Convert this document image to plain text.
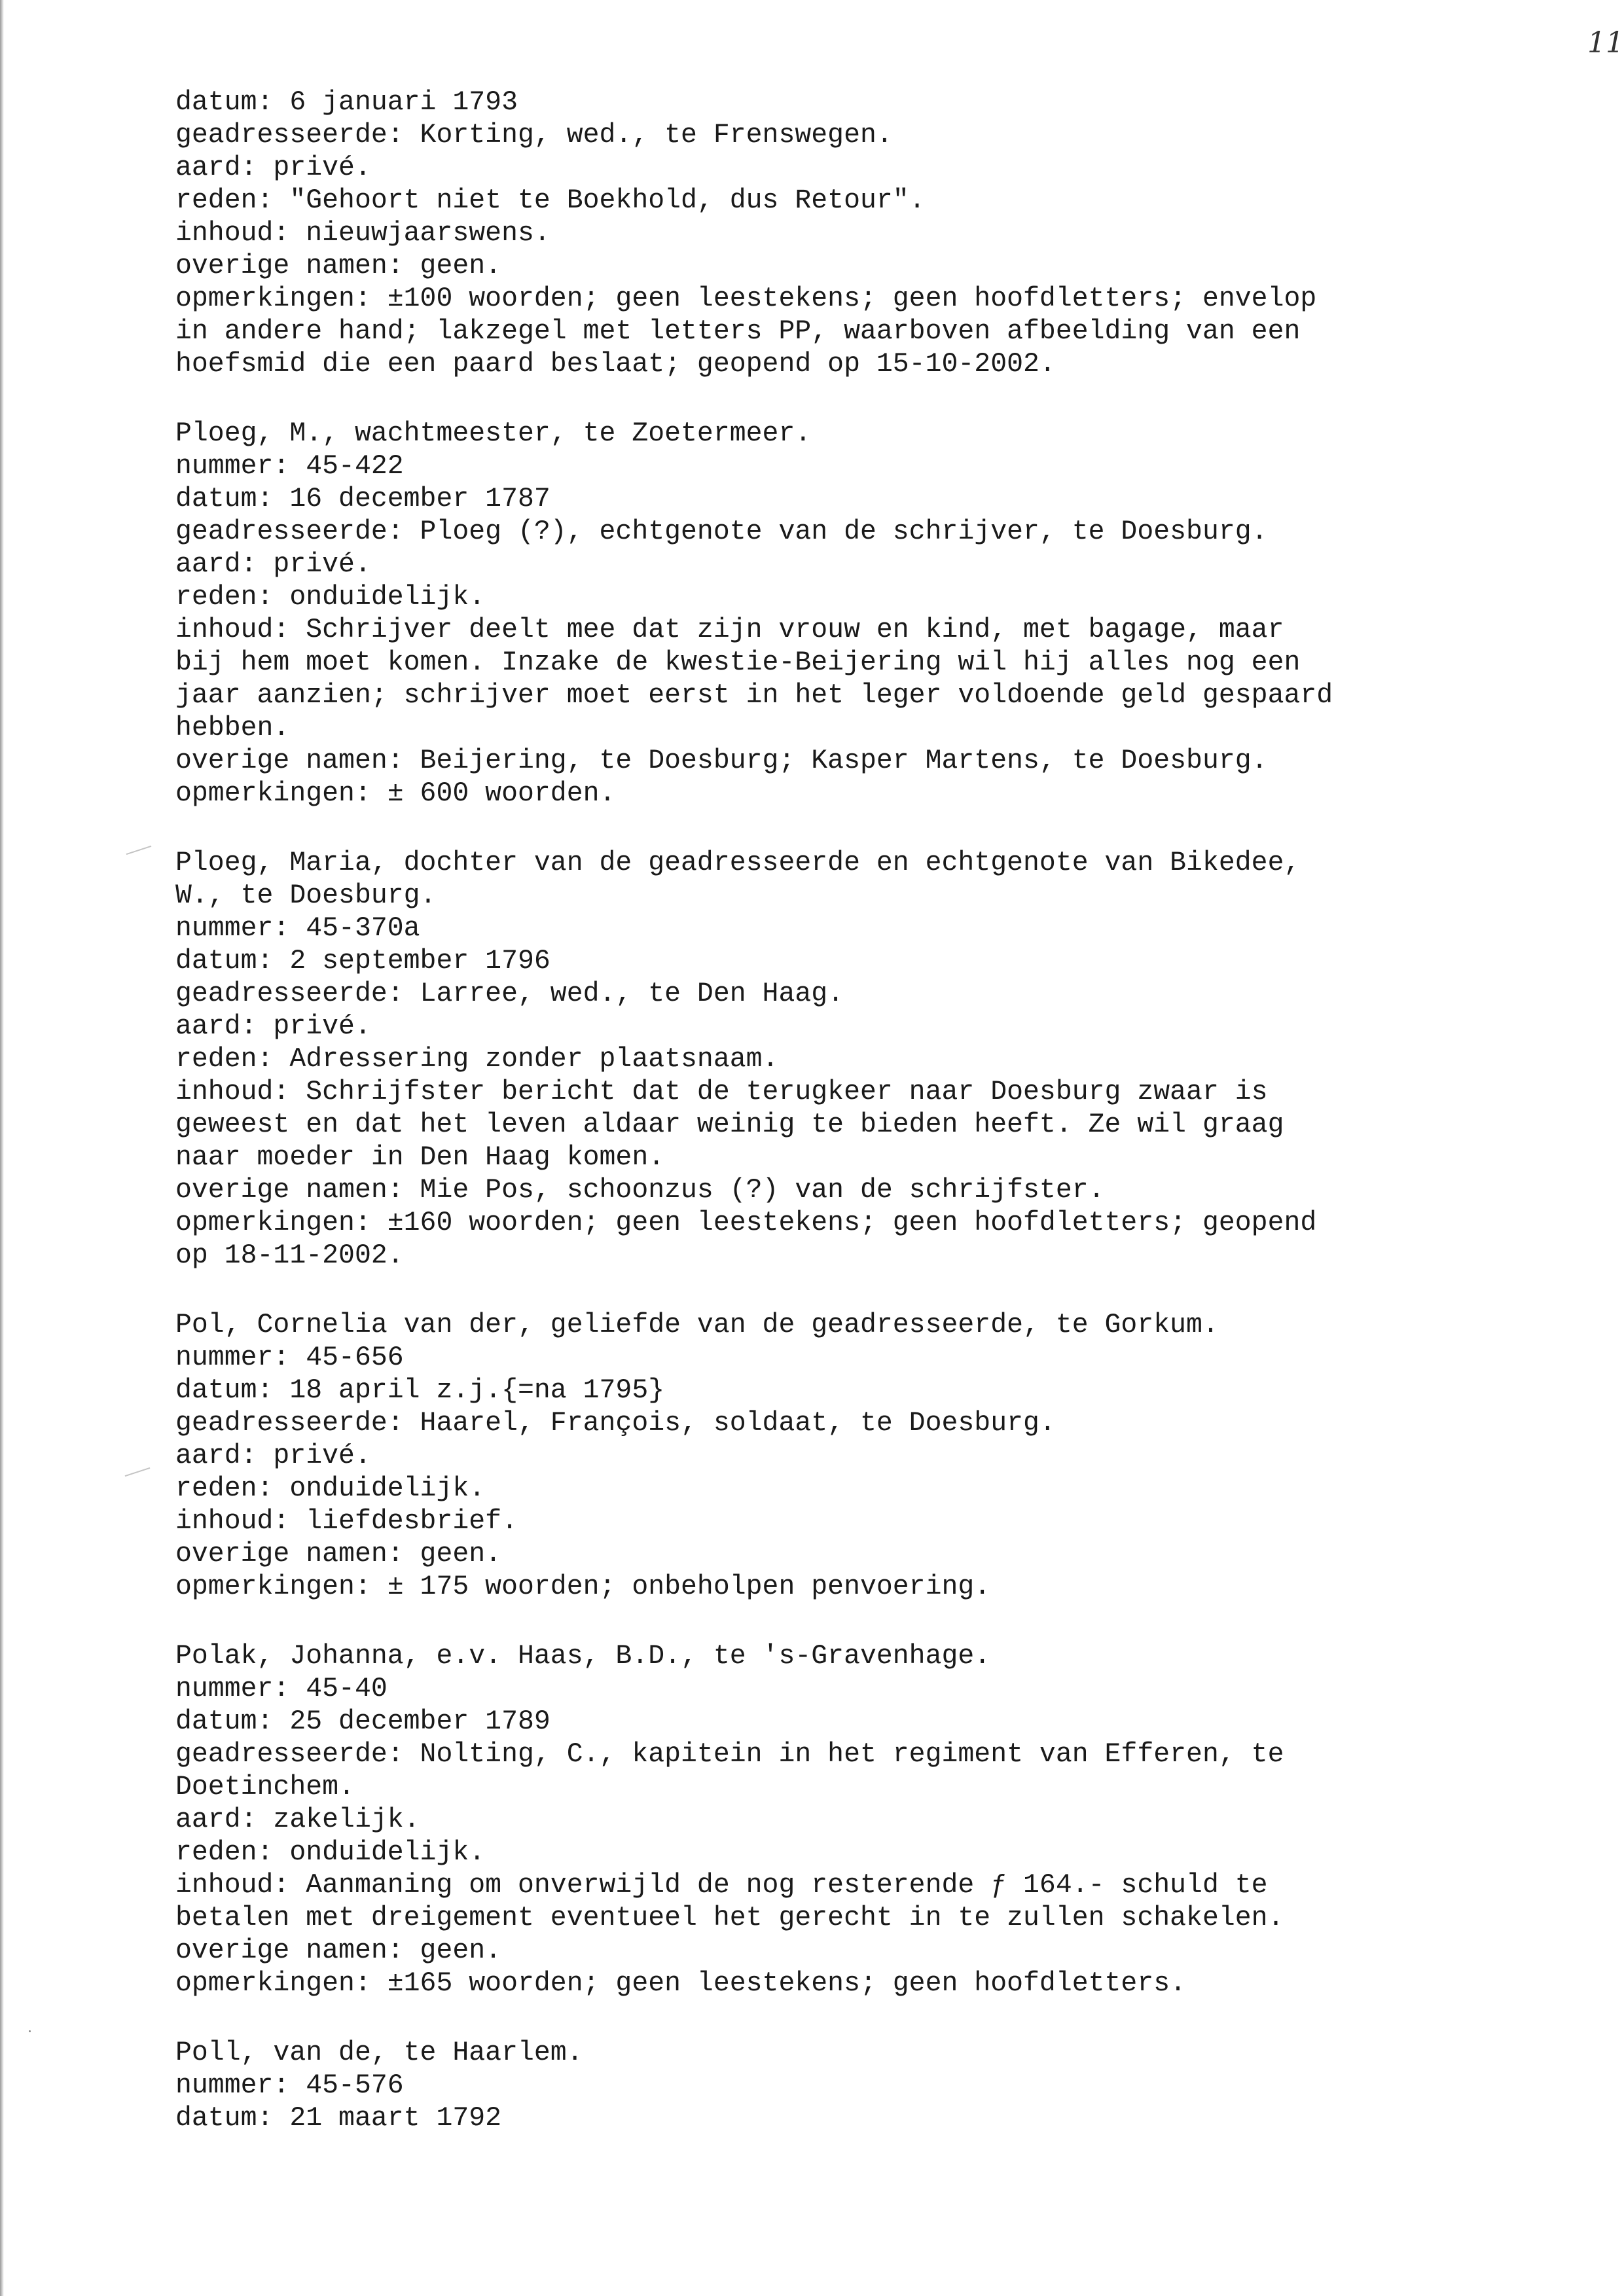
11
datum: 6 januari 1793
geadresseerde: Korting, wed., te Frenswegen.
aard: privé.
reden: "Gehoort niet te Boekhold, dus Retour".
inhoud: nieuwjaarswens.
overige namen: geen.
opmerkingen: ±100 woorden; geen leestekens; geen hoofdletters; envelop
in andere hand; lakzegel met letters PP, waarboven afbeelding van een
hoefsmid die een paard beslaat; geopend op 15-10-2002.
Ploeg, M., wachtmeester, te Zoetermeer.
nummer: 45-422
datum: 16 december 1787
geadresseerde: Ploeg (?), echtgenote van de schrijver, te Doesburg.
aard: privé.
reden: onduidelijk.
inhoud: Schrijver deelt mee dat zijn vrouw en kind, met bagage, maar
bij hem moet komen. Inzake de kwestie-Beijering wil hij alles nog een
jaar aanzien; schrijver moet eerst in het leger voldoende geld gespaard
hebben.
overige namen: Beijering, te Doesburg; Kasper Martens, te Doesburg.
opmerkingen: ± 600 woorden.
Ploeg, Maria, dochter van de geadresseerde en echtgenote van Bikedee,
W., te Doesburg.
nummer: 45-370a
datum: 2 september 1796
geadresseerde: Larree, wed., te Den Haag.
aard: privé.
reden: Adressering zonder plaatsnaam.
inhoud: Schrijfster bericht dat de terugkeer naar Doesburg zwaar is
geweest en dat het leven aldaar weinig te bieden heeft. Ze wil graag
naar moeder in Den Haag komen.
overige namen: Mie Pos, schoonzus (?) van de schrijfster.
opmerkingen: ±160 woorden; geen leestekens; geen hoofdletters; geopend
op 18-11-2002.
Pol, Cornelia van der, geliefde van de geadresseerde, te Gorkum.
nummer: 45-656
datum: 18 april z.j.{=na 1795}
geadresseerde: Haarel, François, soldaat, te Doesburg.
aard: privé.
reden: onduidelijk.
inhoud: liefdesbrief.
overige namen: geen.
opmerkingen: ± 175 woorden; onbeholpen penvoering.
Polak, Johanna, e.v. Haas, B.D., te 's-Gravenhage.
nummer: 45-40
datum: 25 december 1789
geadresseerde: Nolting, C., kapitein in het regiment van Efferen, te
Doetinchem.
aard: zakelijk.
reden: onduidelijk.
inhoud: Aanmaning om onverwijld de nog resterende ƒ 164.- schuld te
betalen met dreigement eventueel het gerecht in te zullen schakelen.
overige namen: geen.
opmerkingen: ±165 woorden; geen leestekens; geen hoofdletters.
Poll, van de, te Haarlem.
nummer: 45-576
datum: 21 maart 1792
